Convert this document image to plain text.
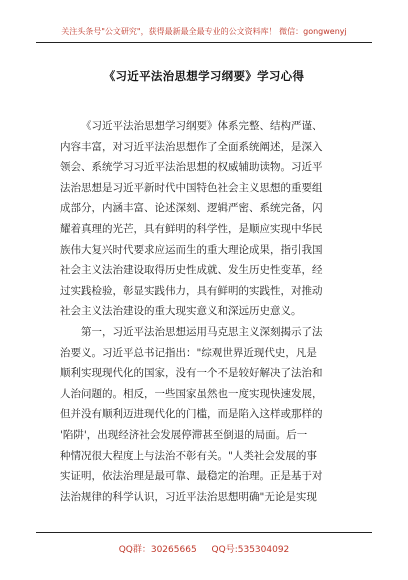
关注头条号"公文研究"，获得最新最全最专业的公文资料库！ 微信：gongwenyj
《习近平法治思想学习纲要》学习心得
《习近平法治思想学习纲要》体系完整、结构严谨、
内容丰富，对习近平法治思想作了全面系统阐述，是深入
领会、系统学习习近平法治思想的权威辅助读物。习近平
法治思想是习近平新时代中国特色社会主义思想的重要组
成部分，内涵丰富、论述深刻、逻辑严密、系统完备，闪
耀着真理的光芒，具有鲜明的科学性，是顺应实现中华民
族伟大复兴时代要求应运而生的重大理论成果，指引我国
社会主义法治建设取得历史性成就、发生历史性变革，经
过实践检验，彰显实践伟力，具有鲜明的实践性，对推动
社会主义法治建设的重大现实意义和深远历史意义。
第一，习近平法治思想运用马克思主义深刻揭示了法
治要义。习近平总书记指出："综观世界近现代史，凡是
顺利实现现代化的国家，没有一个不是较好解决了法治和
人治问题的。相反，一些国家虽然也一度实现快速发展，
但并没有顺利迈进现代化的门槛，而是陷入这样或那样的
'陷阱'，出现经济社会发展停滞甚至倒退的局面。后一
种情况很大程度上与法治不彰有关。"人类社会发展的事
实证明，依法治理是最可靠、最稳定的治理。正是基于对
法治规律的科学认识，习近平法治思想明确"无论是实现
QQ群：30265665 QQ号:535304092
